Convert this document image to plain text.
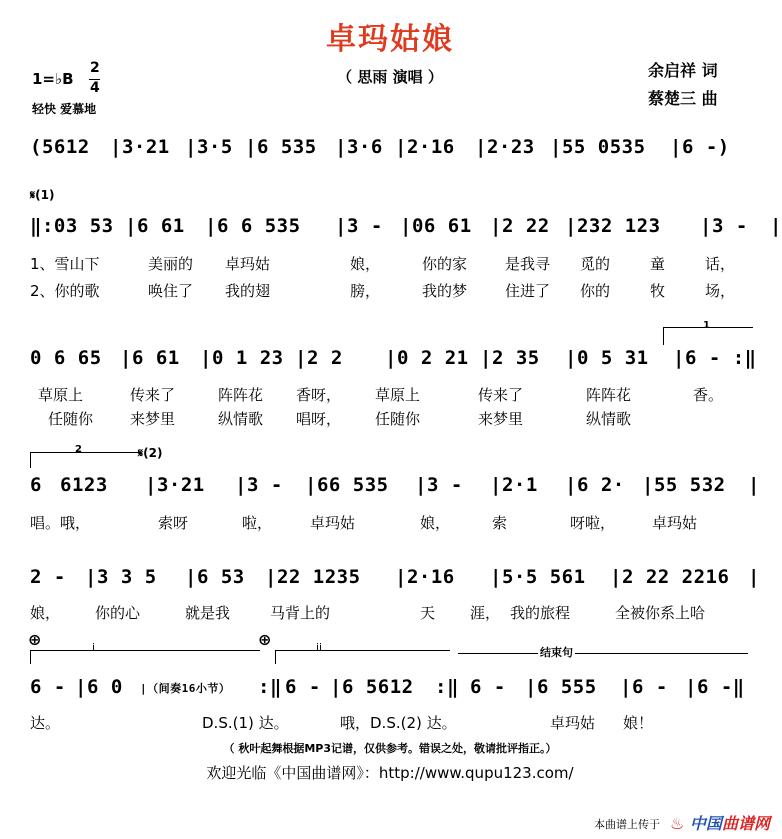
卓玛姑娘
（ 思雨 演唱 ）	余启祥 词
蔡楚三 曲
1=♭B
2
4
轻快 爱慕地
(5612 |3·21 |3·5 |6 535 |3·6 |2·16 |2·23 |55 0535 |6 -)
𝄋(1)
‖:03 53 |6 61 |6 6 535 |3 - |06 61 |2 22 |232 123 |3 - |
1、雪山下	美丽的 卓玛姑	娘，	你的家	是我寻 觅的	童	话，
2、你的歌	唤住了 我的翅	膀，	我的梦	住进了 你的	牧	场，
1
0 6 65 |6 61 |0 1 23 |2 2 |0 2 21 |2 35 |0 5 31 |6 - :‖
草原上	传来了	阵阵花 香呀， 草原上	传来了	阵阵花	香。
任随你 来梦里	纵情歌 唱呀， 任随你	来梦里	纵情歌
2	𝄋(2)
6 6123 |3·21 |3 - |66 535 |3 - |2·1 |6 2· |55 532 |
唱。哦，	索呀	啦，	卓玛姑	娘，	索	呀啦， 卓玛姑
2 - |3 3 5 |6 53 |22 1235 |2·16 |5·5 561 |2 22 2216 |
娘， 你的心	就是我	马背上的	天 涯， 我的旅程	全被你系上哈
⊕	⊕
i	ii	结束句
6 - |6 0 |（间奏16小节） :‖ 6 - |6 5612 :‖ 6 - |6 555 |6 - |6 -‖
达。	D.S.(1) 达。	哦，D.S.(2) 达。	卓玛姑 娘！
（ 秋叶起舞根据MP3记谱，仅供参考。错误之处，敬请批评指正。）
欢迎光临《中国曲谱网》：http://www.qupu123.com/
本曲谱上传于 ♨ 中国曲谱网
